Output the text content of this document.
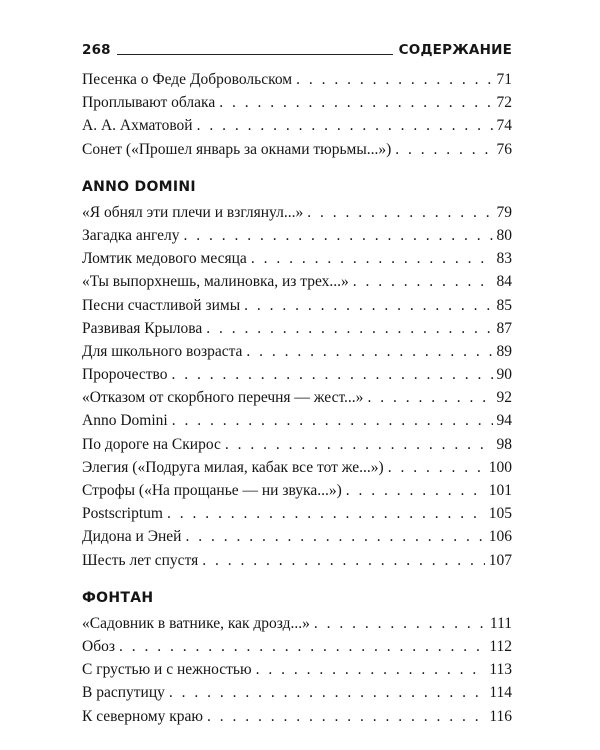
268	СОДЕРЖАНИЕ
Песенка о Феде Добровольском . . .	71
Проплывают облака . . .	72
А. А. Ахматовой . . .	74
Сонет («Прошел январь за окнами тюрьмы...») . . .	76
ANNO DOMINI
«Я обнял эти плечи и взглянул...» . . .	79
Загадка ангелу . . .	80
Ломтик медового месяца . . .	83
«Ты выпорхнешь, малиновка, из трех...» . . .	84
Песни счастливой зимы . . .	85
Развивая Крылова . . .	87
Для школьного возраста . . .	89
Пророчество . . .	90
«Отказом от скорбного перечня — жест...» . . .	92
Anno Domini . . .	94
По дороге на Скирос . . .	98
Элегия («Подруга милая, кабак все тот же...») . . .	100
Строфы («На прощанье — ни звука...») . . .	101
Postscriptum . . .	105
Дидона и Эней . . .	106
Шесть лет спустя . . .	107
ФОНТАН
«Садовник в ватнике, как дрозд...» . . .	111
Обоз . . .	112
С грустью и с нежностью . . .	113
В распутицу . . .	114
К северному краю . . .	116
